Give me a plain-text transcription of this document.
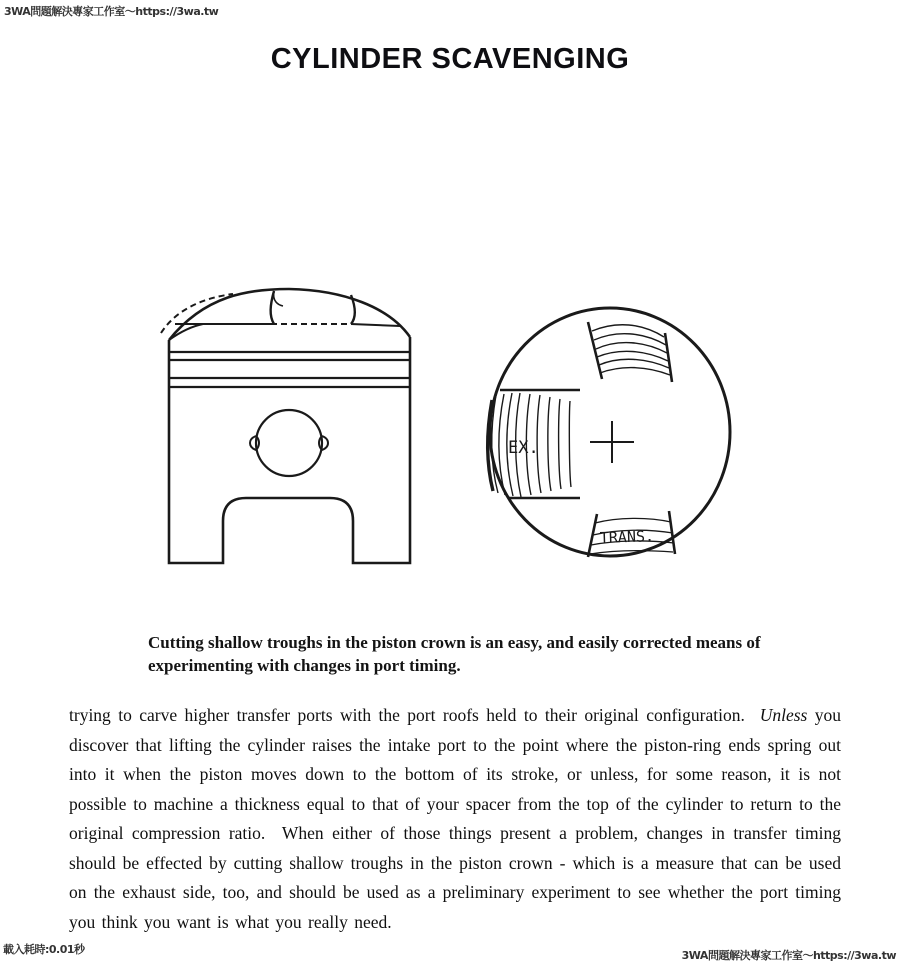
3WA問題解決專家工作室～https://3wa.tw
CYLINDER SCAVENGING
EX.
TRANS.

Cutting shallow troughs in the piston crown is an easy, and easily corrected means of experimenting with changes in port timing.

trying to carve higher transfer ports with the port roofs held to their original configuration.  Unless you discover that lifting the cylinder raises the intake port to the point where the piston-ring ends spring out into it when the piston moves down to the bottom of its stroke, or unless, for some reason, it is not possible to machine a thickness equal to that of your spacer from the top of the cylinder to return to the original compression ratio.  When either of those things present a problem, changes in transfer timing should be effected by cutting shallow troughs in the piston crown - which is a measure that can be used on the exhaust side, too, and should be used as a preliminary experiment to see whether the port timing you think you want is what you really need.

載入耗時:0.01秒	3WA問題解決專家工作室～https://3wa.tw
